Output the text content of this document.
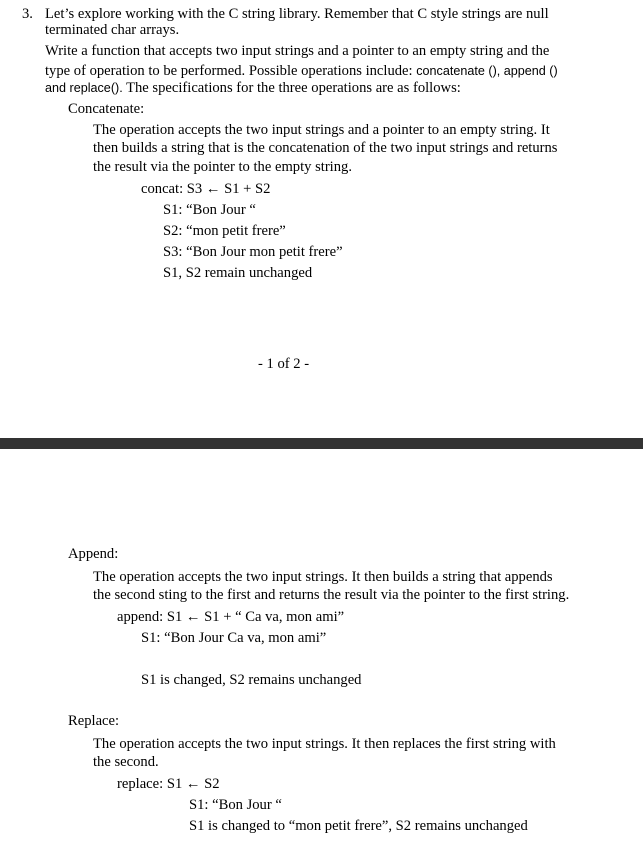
3. Let’s explore working with the C string library. Remember that C style strings are null
terminated char arrays.
Write a function that accepts two input strings and a pointer to an empty string and the
type of operation to be performed. Possible operations include: concatenate (), append ()
and replace(). The specifications for the three operations are as follows:
Concatenate:
The operation accepts the two input strings and a pointer to an empty string. It
then builds a string that is the concatenation of the two input strings and returns
the result via the pointer to the empty string.
concat: S3 ← S1 + S2
S1: “Bon Jour “
S2: “mon petit frere”
S3: “Bon Jour mon petit frere”
S1, S2 remain unchanged
- 1 of 2 -
Append:
The operation accepts the two input strings. It then builds a string that appends
the second sting to the first and returns the result via the pointer to the first string.
append: S1 ← S1 + “ Ca va, mon ami”
S1: “Bon Jour Ca va, mon ami”
S1 is changed, S2 remains unchanged
Replace:
The operation accepts the two input strings. It then replaces the first string with
the second.
replace: S1 ← S2
S1: “Bon Jour “
S1 is changed to “mon petit frere”, S2 remains unchanged
